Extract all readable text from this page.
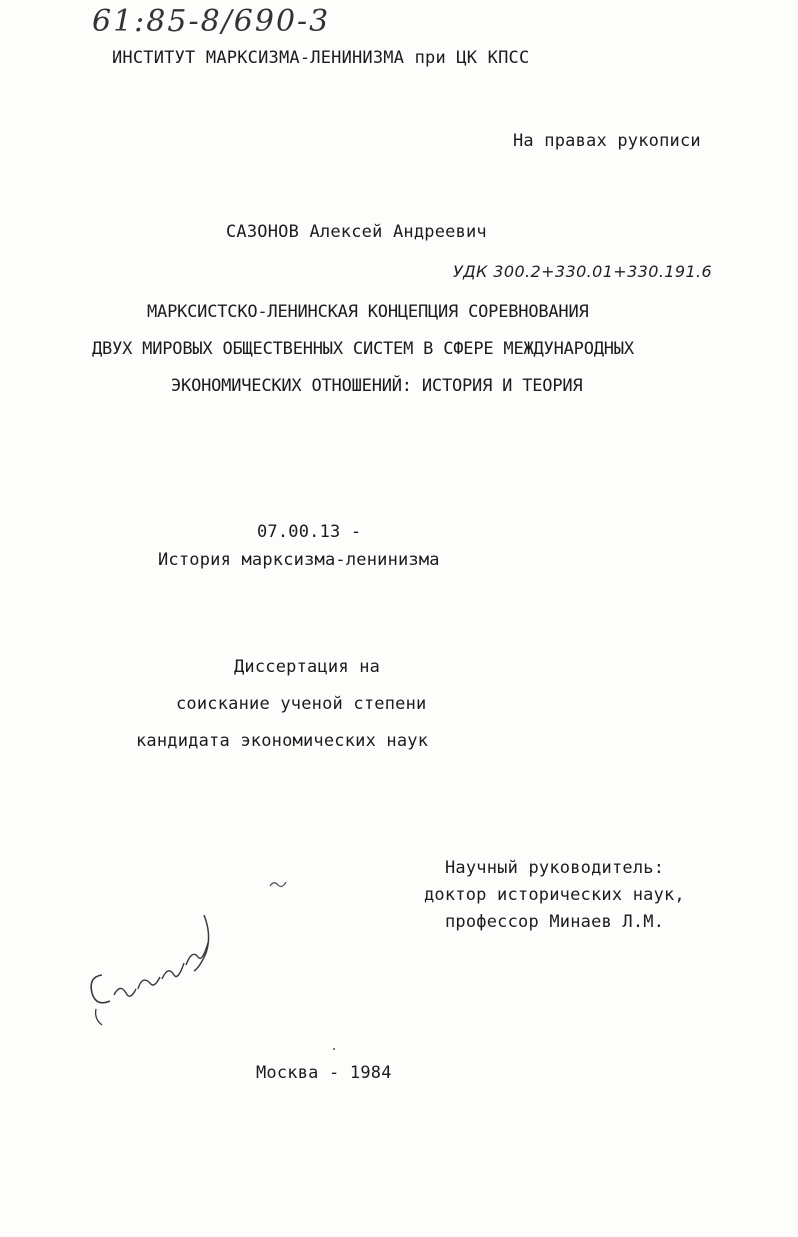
61:85-8/690-3
ИНСТИТУТ МАРКСИЗМА-ЛЕНИНИЗМА при ЦК КПСС
На правах рукописи
САЗОНОВ Алексей Андреевич
УДК 300.2+330.01+330.191.6
МАРКСИСТСКО-ЛЕНИНСКАЯ КОНЦЕПЦИЯ СОРЕВНОВАНИЯ
ДВУХ МИРОВЫХ ОБЩЕСТВЕННЫХ СИСТЕМ В СФЕРЕ МЕЖДУНАРОДНЫХ
ЭКОНОМИЧЕСКИХ ОТНОШЕНИЙ: ИСТОРИЯ И ТЕОРИЯ
07.00.13 -
История марксизма-ленинизма
Диссертация на
соискание ученой степени
кандидата экономических наук
Научный руководитель:
доктор исторических наук,
профессор Минаев Л.М.
Москва - 1984
